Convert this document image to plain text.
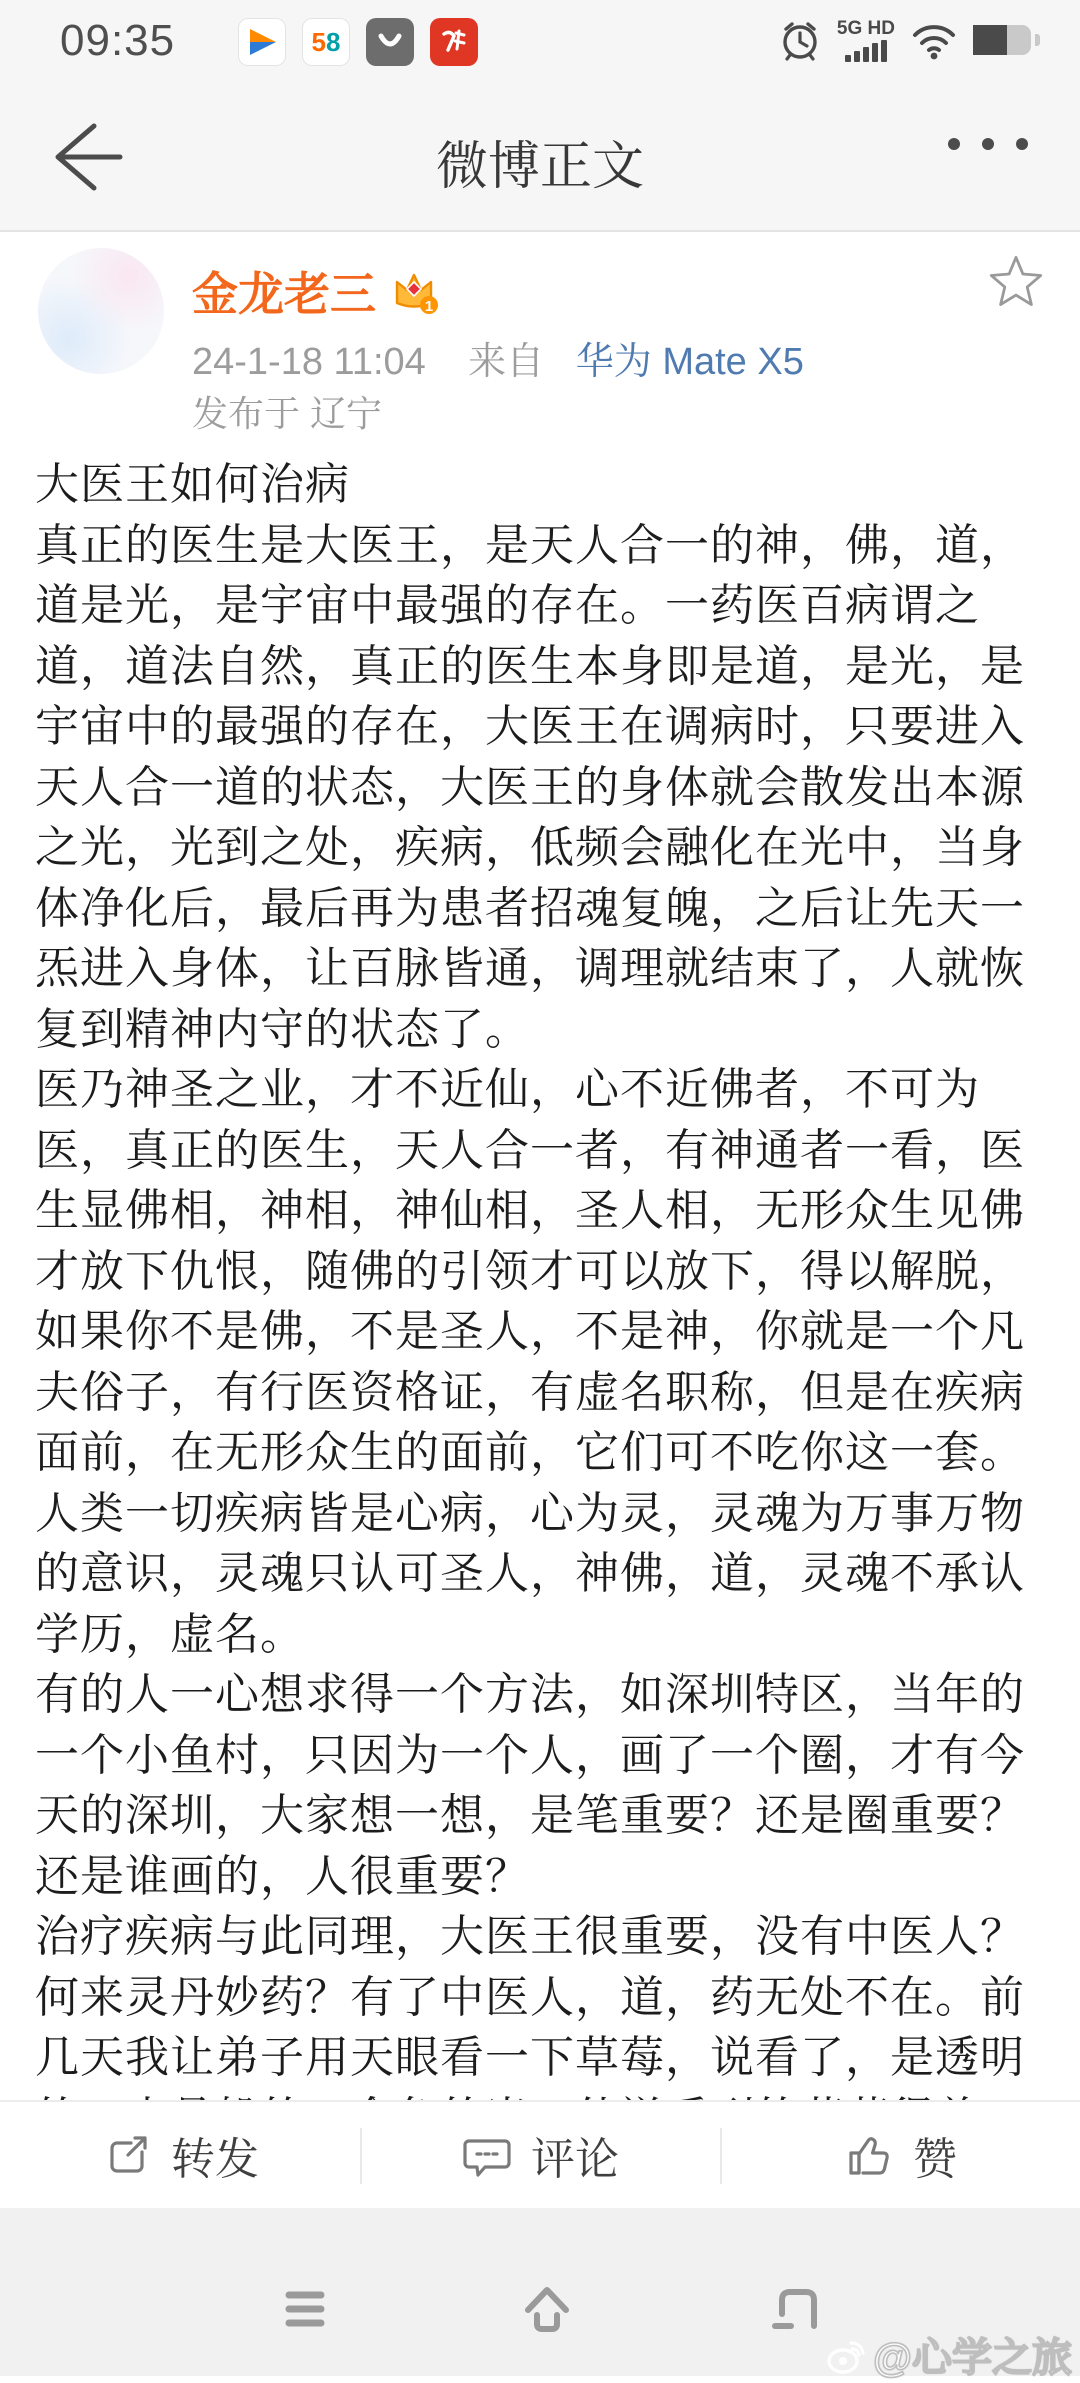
09:35	5 8	5G HD
微博正文
金龙老三	1
24-1-18 11:04 来自 华为 Mate X5
发布于 辽宁
大医王如何治病
真正的医生是大医王，是天人合一的神，佛，道，
道是光，是宇宙中最强的存在。一药医百病谓之
道，道法自然，真正的医生本身即是道，是光，是
宇宙中的最强的存在，大医王在调病时，只要进入
天人合一道的状态，大医王的身体就会散发出本源
之光，光到之处，疾病，低频会融化在光中，当身
体净化后，最后再为患者招魂复魄，之后让先天一
炁进入身体，让百脉皆通，调理就结束了，人就恢
复到精神内守的状态了。
医乃神圣之业，才不近仙，心不近佛者，不可为
医，真正的医生，天人合一者，有神通者一看，医
生显佛相，神相，神仙相，圣人相，无形众生见佛
才放下仇恨，随佛的引领才可以放下，得以解脱，
如果你不是佛，不是圣人，不是神，你就是一个凡
夫俗子，有行医资格证，有虚名职称，但是在疾病
面前，在无形众生的面前，它们可不吃你这一套。
人类一切疾病皆是心病，心为灵，灵魂为万事万物
的意识，灵魂只认可圣人，神佛，道，灵魂不承认
学历，虚名。
有的人一心想求得一个方法，如深圳特区，当年的
一个小鱼村，只因为一个人，画了一个圈，才有今
天的深圳，大家想一想，是笔重要？还是圈重要？
还是谁画的，人很重要？
治疗疾病与此同理，大医王很重要，没有中医人？
何来灵丹妙药？有了中医人，道，药无处不在。前
几天我让弟子用天眼看一下草莓，说看了，是透明
转发	评论	赞
@心学之旅
